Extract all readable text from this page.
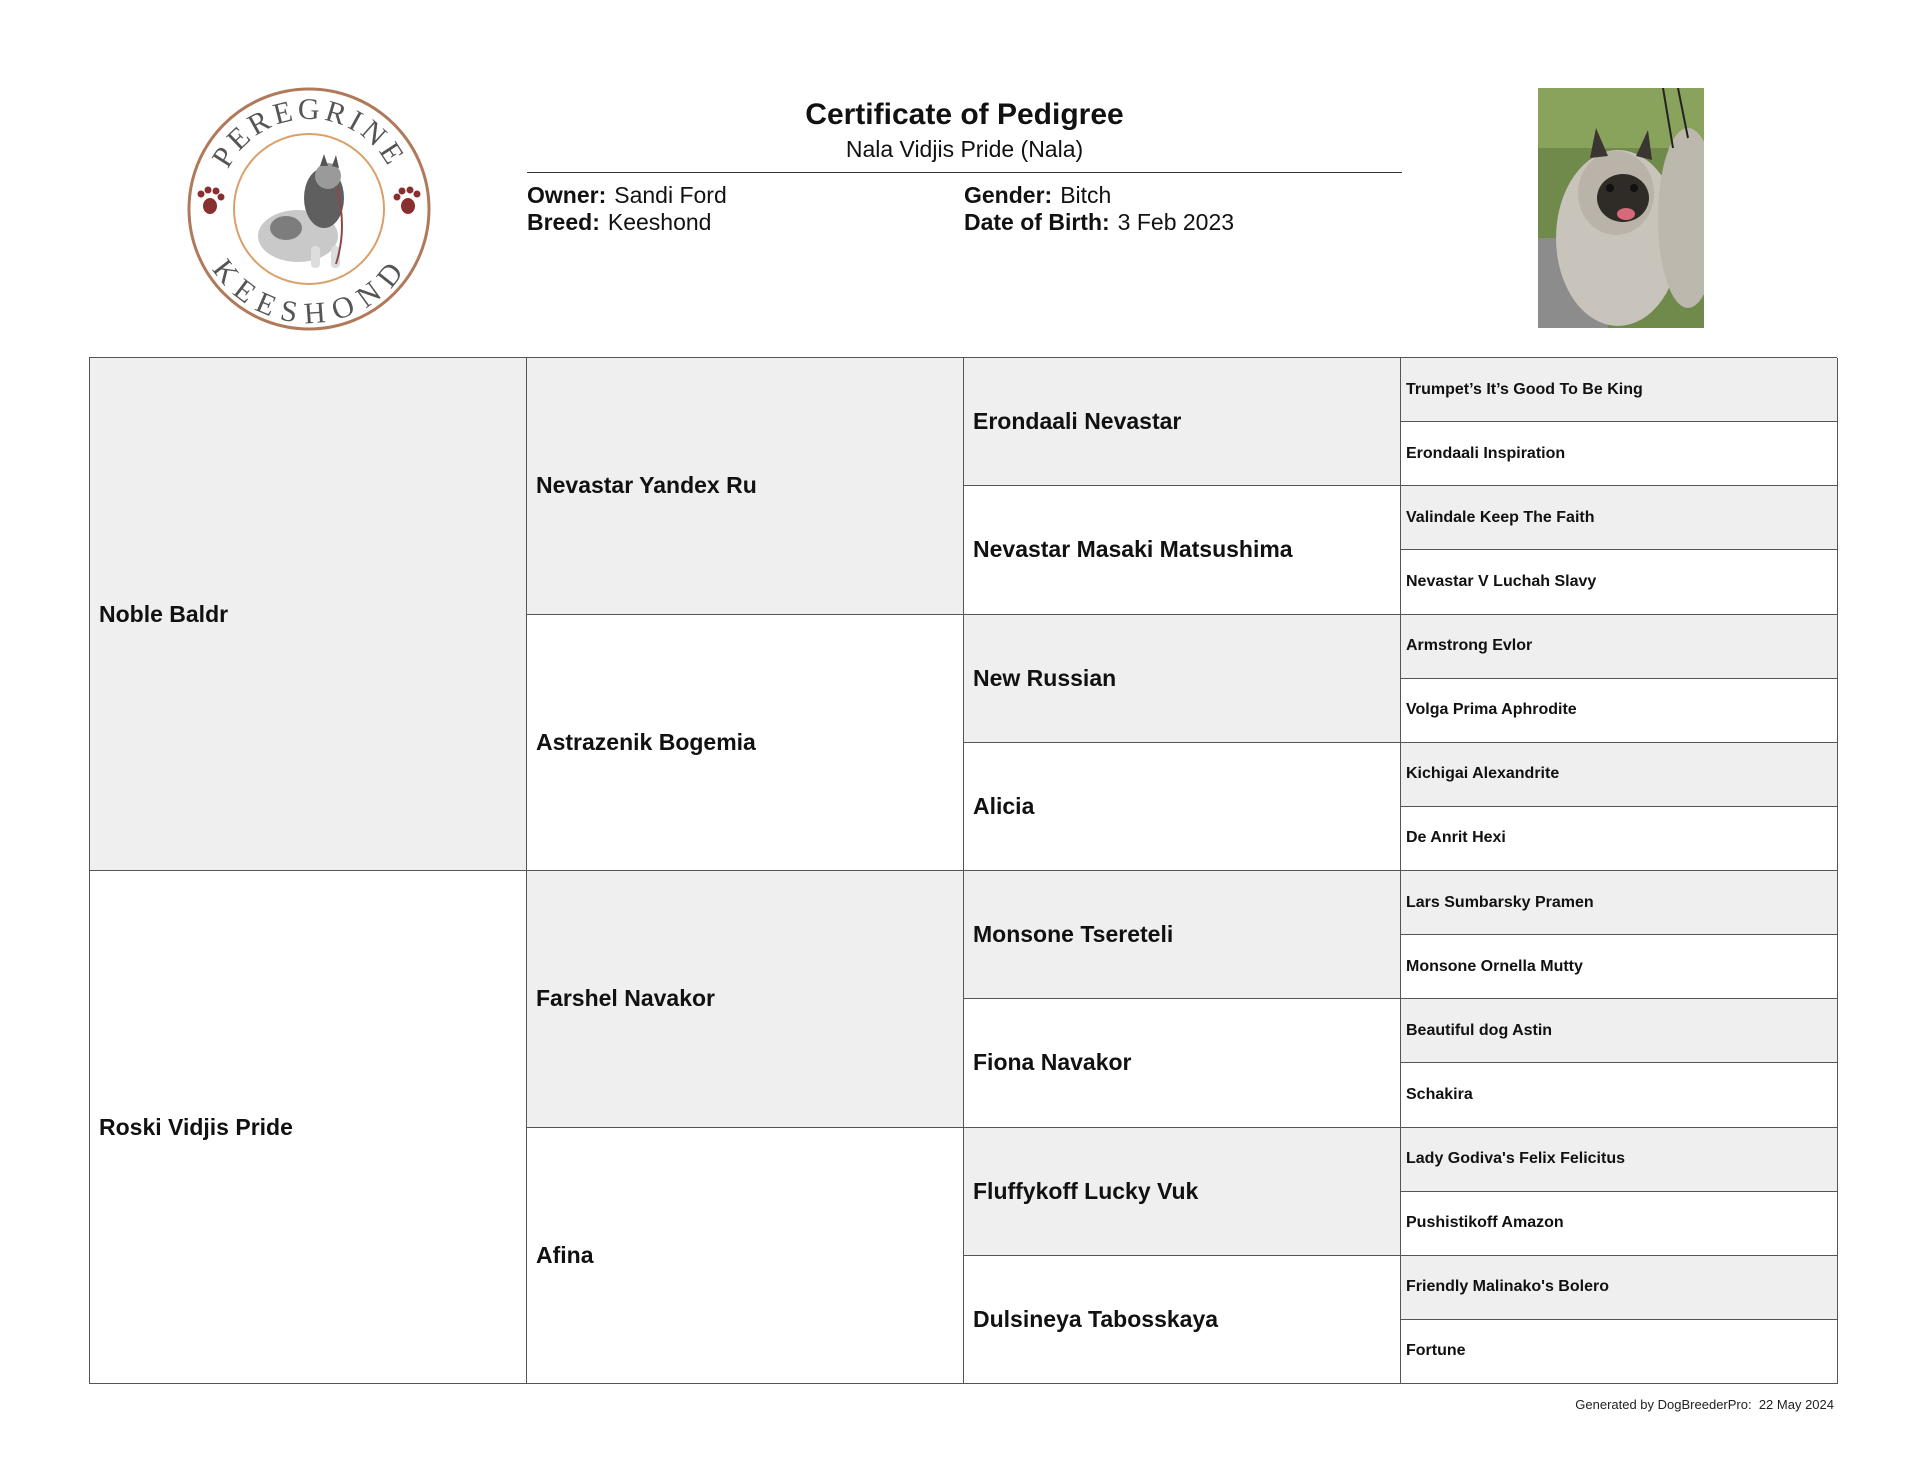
PEREGRINE
KEESHOND

Certificate of Pedigree

Nala Vidjis Pride (Nala)

Owner: Sandi Ford
Breed: Keeshond
Gender: Bitch
Date of Birth: 3 Feb 2023
Noble Baldr
Roski Vidjis Pride
Nevastar Yandex Ru
Astrazenik Bogemia
Farshel Navakor
Afina
Erondaali Nevastar
Nevastar Masaki Matsushima
New Russian
Alicia
Monsone Tsereteli
Fiona Navakor
Fluffykoff Lucky Vuk
Dulsineya Tabosskaya
Trumpet’s It’s Good To Be King
Erondaali Inspiration
Valindale Keep The Faith
Nevastar V Luchah Slavy
Armstrong Evlor
Volga Prima Aphrodite
Kichigai Alexandrite
De Anrit Hexi
Lars Sumbarsky Pramen
Monsone Ornella Mutty
Beautiful dog Astin
Schakira
Lady Godiva's Felix Felicitus
Pushistikoff Amazon
Friendly Malinako's Bolero
Fortune
Generated by DogBreederPro: 22 May 2024
